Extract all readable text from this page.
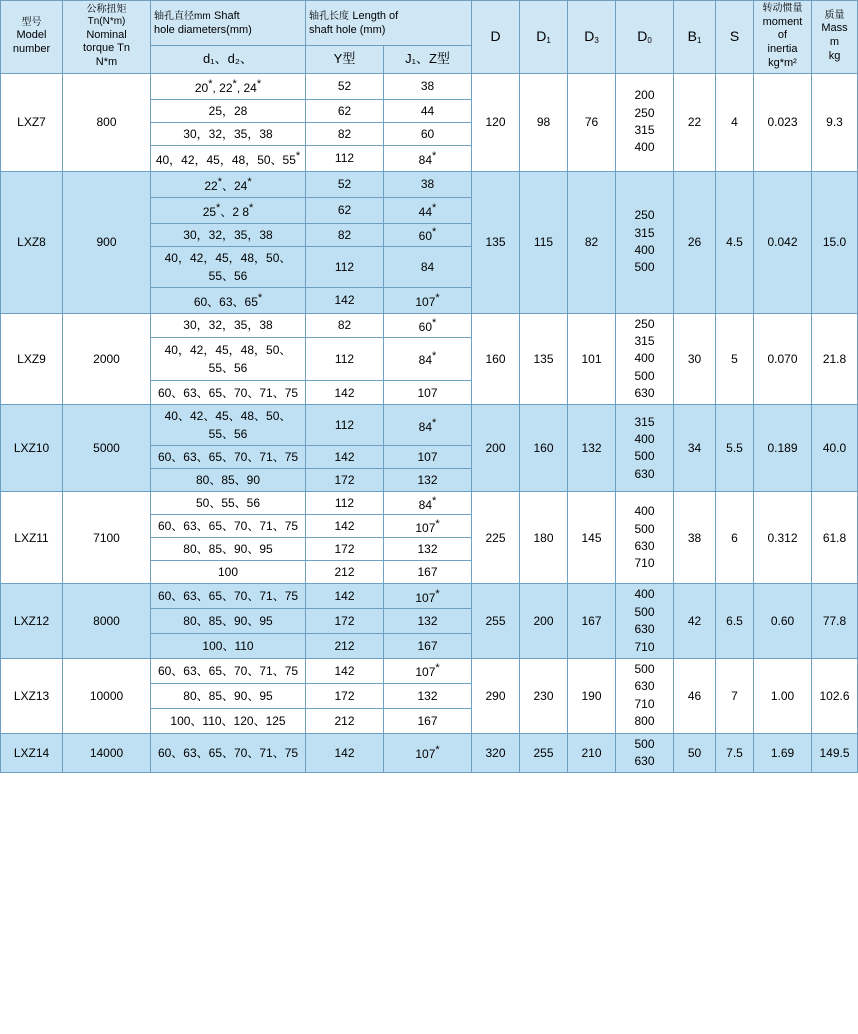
型号
Model
number	公称扭矩
Tn(N*m)
Nominal
torque Tn
N*m	轴孔直径mm Shaft
hole diameters(mm)	轴孔长度 Length of
shaft hole (mm)		D	$D_1$	$D_3$	$D_0$	$B_1$	S	转动惯量
moment
of
inertia
kg*m²	质量
Mass
m
kg

		d₁、d₂、	Y型	J₁、Z型								
LXZ7	800	20*, 22*, 24*	52	38	120	98	76	200
250
315
400	22	4	0.023	9.3
		25，28	62	44								
		30，32，35，38	82	60								
		40，42，45，48，50、55*	112	84*								
LXZ8	900	22*、24*	52	38	135	115	82	250
315
400
500	26	4.5	0.042	15.0
		25*、2 8*	62	44*								
		30，32，35，38	82	60*								
		40，42，45，48，50、55、56	112	84								
		60、63、65*	142	107*								
LXZ9	2000	30，32，35，38	82	60*	160	135	101	250
315
400
500
630	30	5	0.070	21.8
		40，42，45，48，50、55、56	112	84*								
		60、63、65、70、71、75	142	107								
LXZ10	5000	40、42、45、48、50、55、56	112	84*	200	160	132	315
400
500
630	34	5.5	0.189	40.0
		60、63、65、70、71、75	142	107								
		80、85、90	172	132								
LXZ11	7100	50、55、56	112	84*	225	180	145	400
500
630
710	38	6	0.312	61.8
		60、63、65、70、71、75	142	107*								
		80、85、90、95	172	132								
		100	212	167								
LXZ12	8000	60、63、65、70、71、75	142	107*	255	200	167	400
500
630
710	42	6.5	0.60	77.8
		80、85、90、95	172	132								
		100、110	212	167								
LXZ13	10000	60、63、65、70、71、75	142	107*	290	230	190	500
630
710
800	46	7	1.00	102.6
		80、85、90、95	172	132								
		100、110、120、125	212	167								
LXZ14	14000	60、63、65、70、71、75	142	107*	320	255	210	500
630	50	7.5	1.69	149.5
